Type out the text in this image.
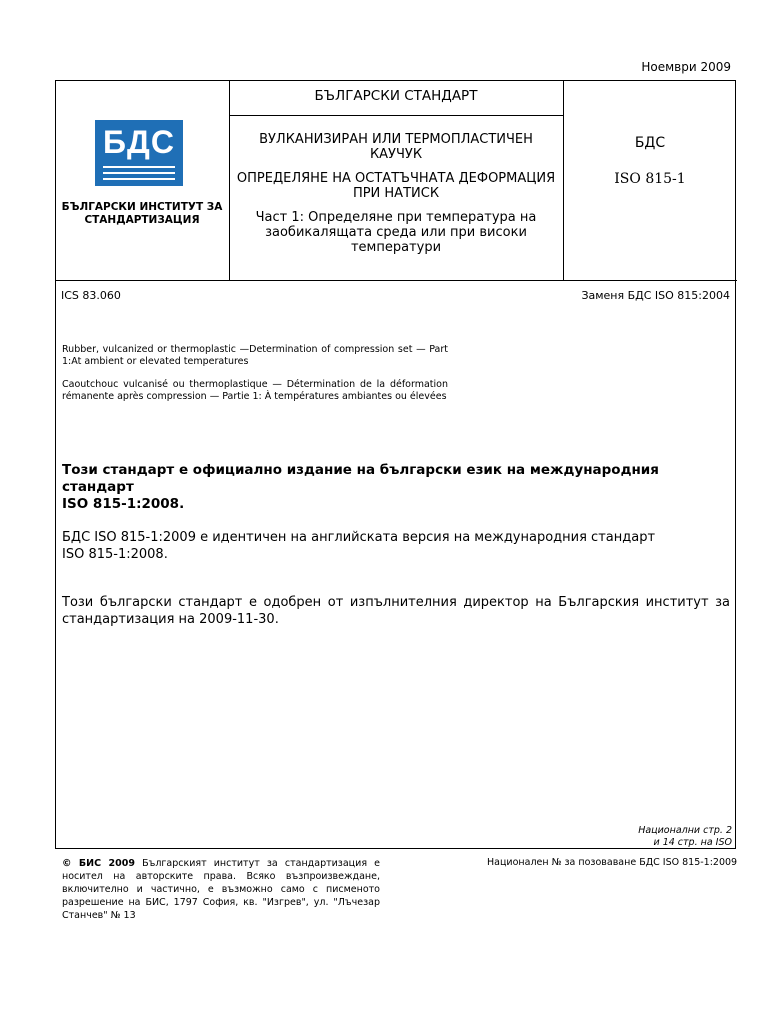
Ноември 2009
БДС
БЪЛГАРСКИ ИНСТИТУТ ЗА
СТАНДАРТИЗАЦИЯ
БЪЛГАРСКИ СТАНДАРТ

ВУЛКАНИЗИРАН ИЛИ ТЕРМОПЛАСТИЧЕН КАУЧУК

ОПРЕДЕЛЯНЕ НА ОСТАТЪЧНАТА ДЕФОРМАЦИЯ ПРИ НАТИСК

Част 1: Определяне при температура на заобикалящата среда или при високи температури

БДС
ISO 815-1
ICS 83.060	Заменя БДС ISO 815:2004
Rubber, vulcanized or thermoplastic —Determination of compression set — Part 1:At ambient or elevated temperatures
Caoutchouc vulcanisé ou thermoplastique — Détermination de la déformation rémanente après compression — Partie 1: À températures ambiantes ou élevées
Този стандарт е официално издание на български език на международния стандарт
ISO 815-1:2008.
БДС ISO 815-1:2009 е идентичен на английската версия на международния стандарт
ISO 815-1:2008.
Този български стандарт е одобрен от изпълнителния директор на Българския институт за стандартизация на 2009-11-30.
Национални стр. 2
и 14 стр. на ISO
© БИС 2009 Българският институт за стандартизация е носител на авторските права. Всяко възпроизвеждане, включително и частично, е възможно само с писменото разрешение на БИС, 1797 София, кв. "Изгрев", ул. "Лъчезар Станчев" № 13
Национален № за позоваване БДС ISO 815-1:2009
